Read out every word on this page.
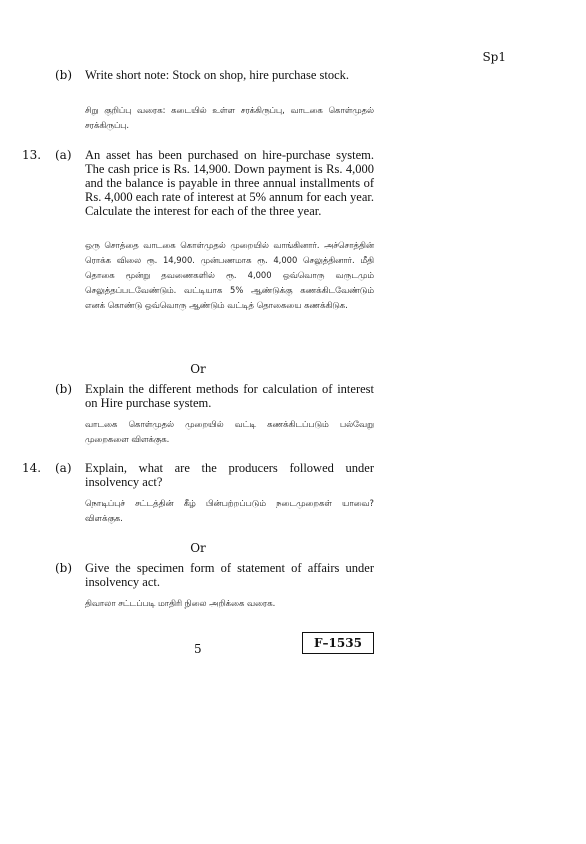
Sp1
(b) Write short note: Stock on shop, hire purchase stock.
சிறு குறிப்பு வரைக: கடையில் உள்ள சரக்கிருப்பு, வாடகை கொள்முதல் சரக்கிருப்பு.
13. (a) An asset has been purchased on hire-purchase system. The cash price is Rs. 14,900. Down payment is Rs. 4,000 and the balance is payable in three annual installments of Rs. 4,000 each rate of interest at 5% annum for each year. Calculate the interest for each of the three year.
ஒரு சொத்தை வாடகை கொள்முதல் முறையில் வாங்கினார். அச்சொத்தின் ரொக்க விலை ரூ. 14,900. முன்பணமாக ரூ. 4,000 செலுத்தினார். மீதி தொகை மூன்று தவணைகளில் ரூ. 4,000 ஒவ்வொரு வருடமும் செலுத்தப்படவேண்டும். வட்டியாக 5% ஆண்டுக்கு கணக்கிடவேண்டும் எனக் கொண்டு ஒவ்வொரு ஆண்டும் வட்டித் தொகையை கணக்கிடுக.
Or
(b) Explain the different methods for calculation of interest on Hire purchase system.
வாடகை கொள்முதல் முறையில் வட்டி கணக்கிடப்படும் பல்வேறு முறைகளை விளக்குக.
14. (a) Explain, what are the producers followed under insolvency act?
நொடிப்புச் சட்டத்தின் கீழ் பின்பற்றப்படும் நடைமுறைகள் யாவை? விளக்குக.
Or
(b) Give the specimen form of statement of affairs under insolvency act.
திவாலா சட்டப்படி மாதிரி நிலை அறிக்கை வரைக.
5	F–1535
